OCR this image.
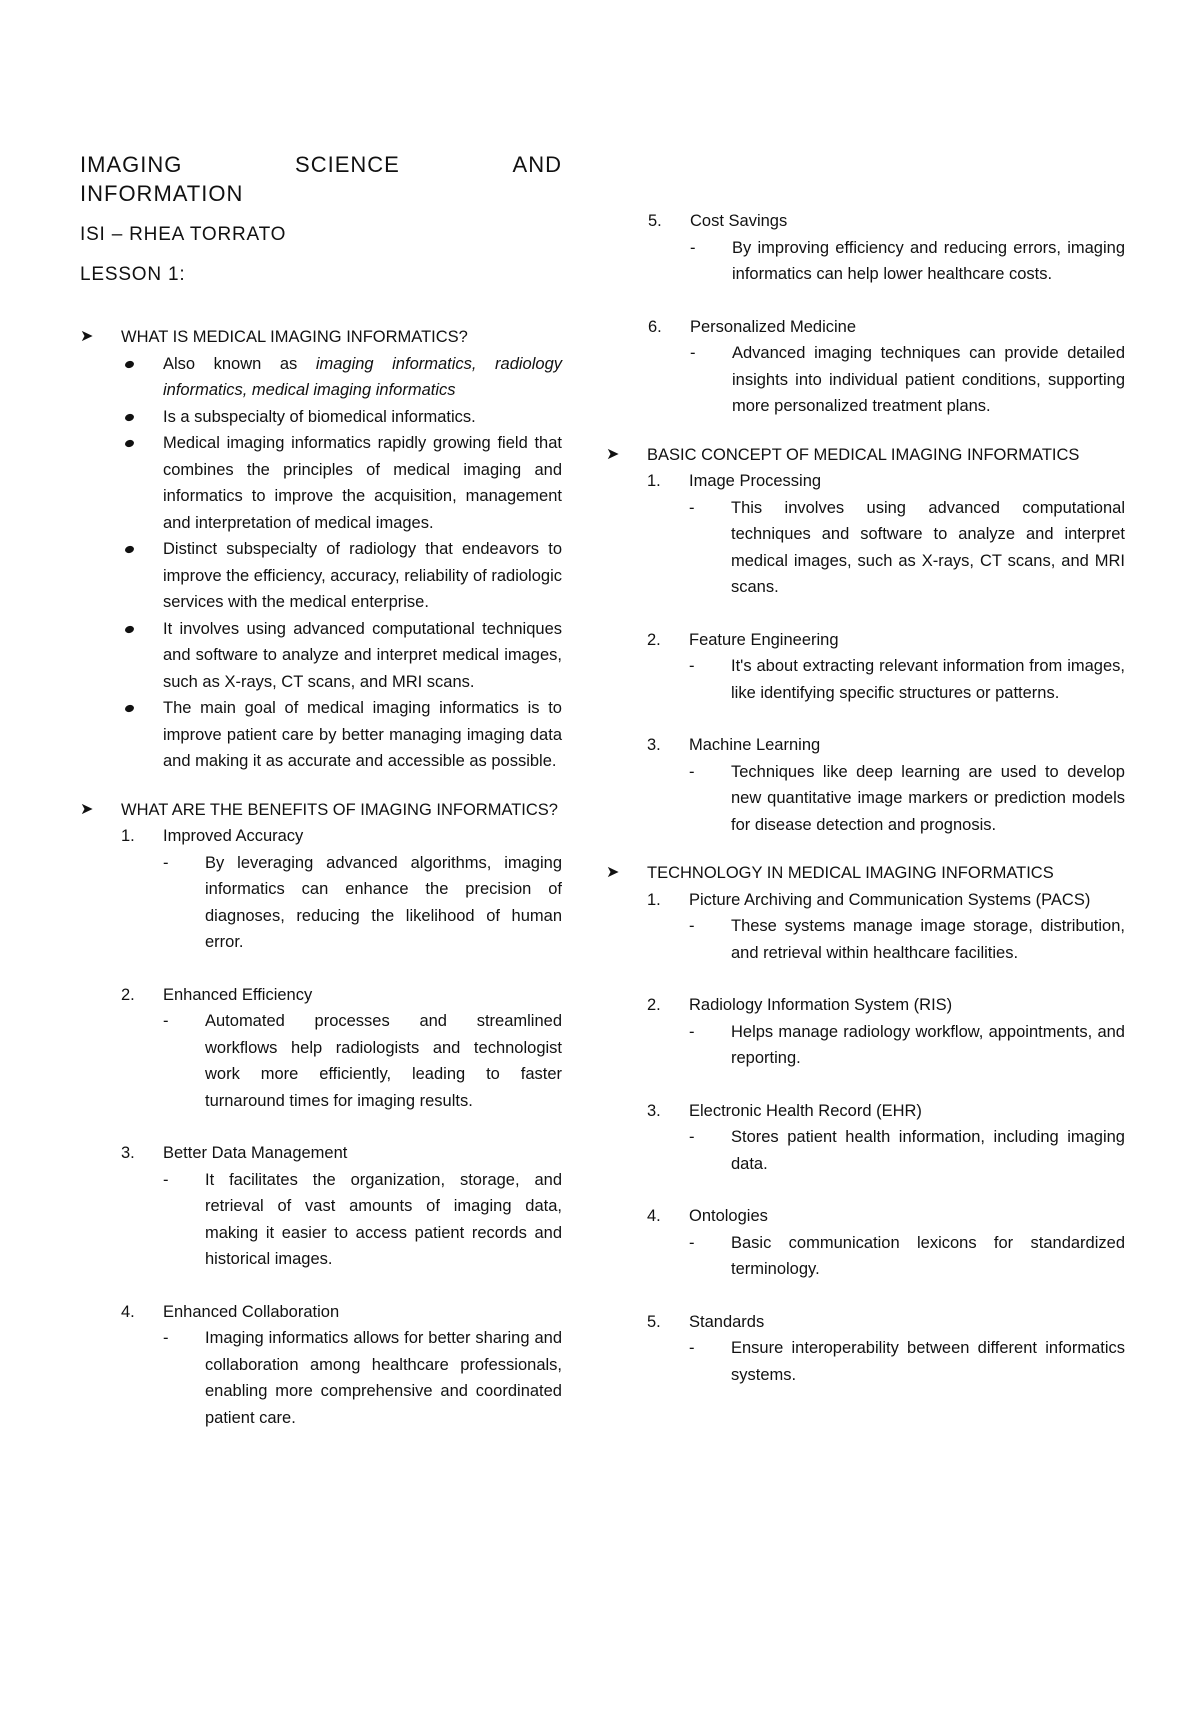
IMAGING	SCIENCE	AND
INFORMATION
ISI – RHEA TORRATO
LESSON 1:
➤ WHAT IS MEDICAL IMAGING INFORMATICS?

Also known as imaging informatics, radiology informatics, medical imaging informatics
Is a subspecialty of biomedical informatics.
Medical imaging informatics rapidly growing field that combines the principles of medical imaging and informatics to improve the acquisition, management and interpretation of medical images.
Distinct subspecialty of radiology that endeavors to improve the efficiency, accuracy, reliability of radiologic services with the medical enterprise.
It involves using advanced computational techniques and software to analyze and interpret medical images, such as X-rays, CT scans, and MRI scans.
The main goal of medical imaging informatics is to improve patient care by better managing imaging data and making it as accurate and accessible as possible.
➤ WHAT ARE THE BENEFITS OF IMAGING INFORMATICS?

1. Improved Accuracy
- By leveraging advanced algorithms, imaging informatics can enhance the precision of diagnoses, reducing the likelihood of human error.
2. Enhanced Efficiency
- Automated processes and streamlined workflows help radiologists and technologist work more efficiently, leading to faster turnaround times for imaging results.
3. Better Data Management
- It facilitates the organization, storage, and retrieval of vast amounts of imaging data, making it easier to access patient records and historical images.
4. Enhanced Collaboration
- Imaging informatics allows for better sharing and collaboration among healthcare professionals, enabling more comprehensive and coordinated patient care.
5. Cost Savings
- By improving efficiency and reducing errors, imaging informatics can help lower healthcare costs.
6. Personalized Medicine
- Advanced imaging techniques can provide detailed insights into individual patient conditions, supporting more personalized treatment plans.
➤ BASIC CONCEPT OF MEDICAL IMAGING INFORMATICS

1. Image Processing
- This involves using advanced computational techniques and software to analyze and interpret medical images, such as X-rays, CT scans, and MRI scans.
2. Feature Engineering
- It's about extracting relevant information from images, like identifying specific structures or patterns.
3. Machine Learning
- Techniques like deep learning are used to develop new quantitative image markers or prediction models for disease detection and prognosis.
➤ TECHNOLOGY IN MEDICAL IMAGING INFORMATICS

1. Picture Archiving and Communication Systems (PACS)
- These systems manage image storage, distribution, and retrieval within healthcare facilities.
2. Radiology Information System (RIS)
- Helps manage radiology workflow, appointments, and reporting.
3. Electronic Health Record (EHR)
- Stores patient health information, including imaging data.
4. Ontologies
- Basic communication lexicons for standardized terminology.
5. Standards
- Ensure interoperability between different informatics systems.
